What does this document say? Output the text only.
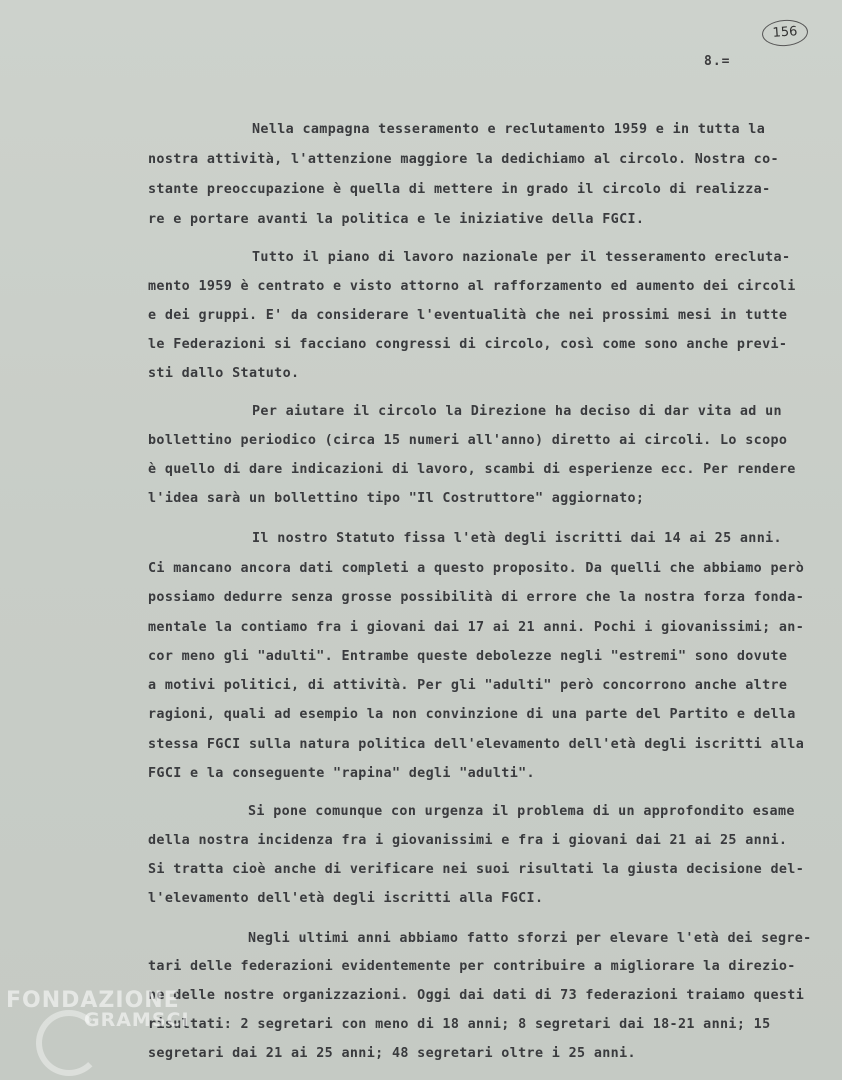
156
8.=
Nella campagna tesseramento e reclutamento 1959 e in tutta la
nostra attività, l'attenzione maggiore la dedichiamo al circolo. Nostra co-
stante preoccupazione è quella di mettere in grado il circolo di realizza-
re e portare avanti la politica e le iniziative della FGCI.
Tutto il piano di lavoro nazionale per il tesseramento ereclutа-
mento 1959 è centrato e visto attorno al rafforzamento ed aumento dei circoli
e dei gruppi. E' da considerare l'eventualità che nei prossimi mesi in tutte
le Federazioni si facciano congressi di circolo, così come sono anche previ-
sti dallo Statuto.
Per aiutare il circolo la Direzione ha deciso di dar vita ad un
bollettino periodico (circa 15 numeri all'anno) diretto ai circoli. Lo scopo
è quello di dare indicazioni di lavoro, scambi di esperienze ecc. Per rendere
l'idea sarà un bollettino tipo "Il Costruttore" aggiornato;
Il nostro Statuto fissa l'età degli iscritti dai 14 ai 25 anni.
Ci mancano ancora dati completi a questo proposito. Da quelli che abbiamo però
possiamo dedurre senza grosse possibilità di errore che la nostra forza fonda-
mentale la contiamo fra i giovani dai 17 ai 21 anni. Pochi i giovanissimi; an-
cor meno gli "adulti". Entrambe queste debolezze negli "estremi" sono dovute
a motivi politici, di attività. Per gli "adulti" però concorrono anche altre
ragioni, quali ad esempio la non convinzione di una parte del Partito e della
stessa FGCI sulla natura politica dell'elevamento dell'età degli iscritti alla
FGCI e la conseguente "rapina" degli "adulti".
Si pone comunque con urgenza il problema di un approfondito esame
della nostra incidenza fra i giovanissimi e fra i giovani dai 21 ai 25 anni.
Si tratta cioè anche di verificare nei suoi risultati la giusta decisione del-
l'elevamento dell'età degli iscritti alla FGCI.
Negli ultimi anni abbiamo fatto sforzi per elevare l'età dei segre-
tari delle federazioni evidentemente per contribuire a migliorare la direzio-
ne delle nostre organizzazioni. Oggi dai dati di 73 federazioni traiamo questi
risultati: 2 segretari con meno di 18 anni; 8 segretari dai 18-21 anni; 15
segretari dai 21 ai 25 anni; 48 segretari oltre i 25 anni.
FONDAZIONE
GRAMSCI
